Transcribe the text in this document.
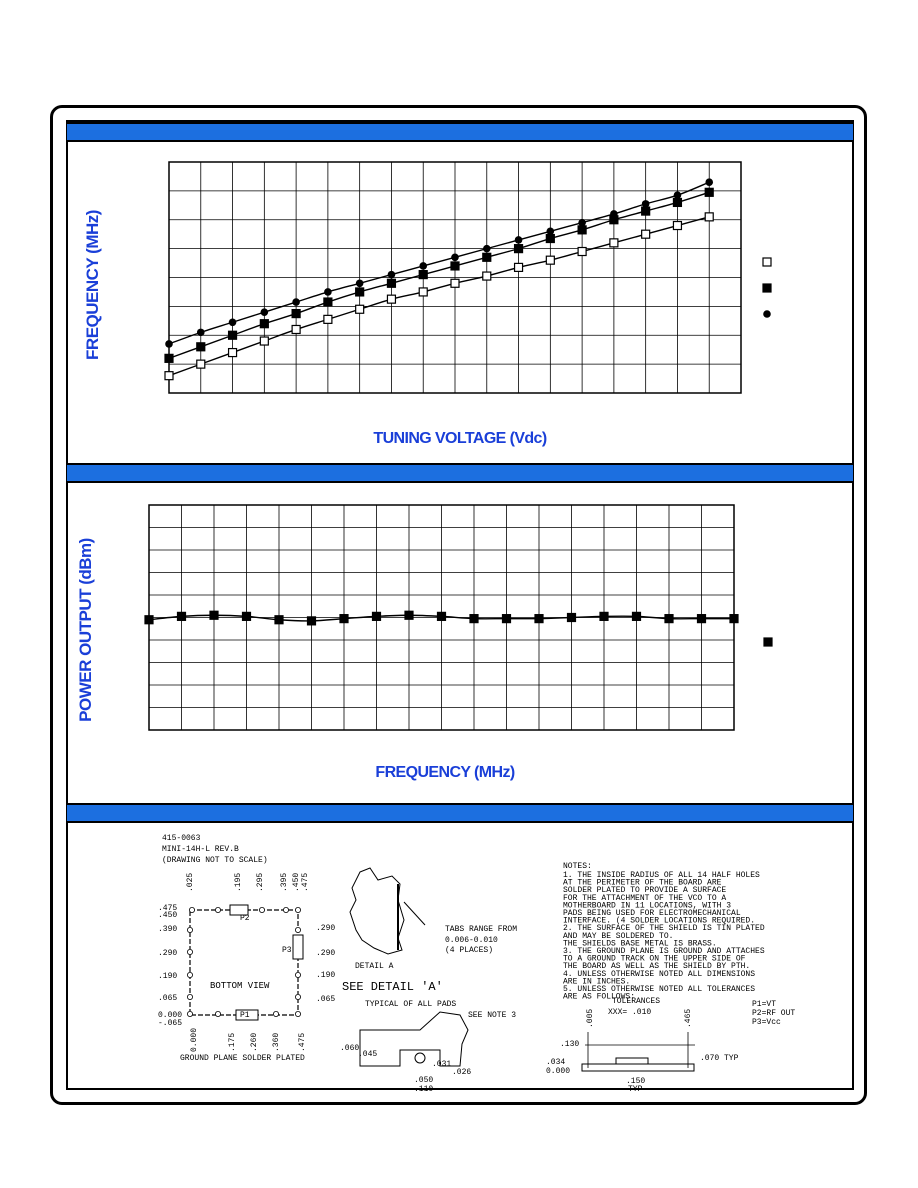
FREQUENCY (MHz)
TUNING VOLTAGE (Vdc)
POWER OUTPUT (dBm)
FREQUENCY (MHz)
415-0063
MINI-14H-L REV.B
(DRAWING NOT TO SCALE)
P2
P3
P1
BOTTOM VIEW
.025	.195 .295 .395 .450 .475
.475
.450
.390
.290
.190
.065
0.000
-.065
.290
.290
.190
.065
0.000	.175 .260 .360 .475
GROUND PLANE SOLDER PLATED
SEE DETAIL 'A'
DETAIL A
TABS RANGE FROM
0.006-0.010
(4 PLACES)
TYPICAL OF ALL PADS
SEE NOTE 3
.060
.045
.031
.026
.050
.110
NOTES:
1. THE INSIDE RADIUS OF ALL 14 HALF HOLES
AT THE PERIMETER OF THE BOARD ARE
SOLDER PLATED TO PROVIDE A SURFACE
FOR THE ATTACHMENT OF THE VCO TO A
MOTHERBOARD IN 11 LOCATIONS, WITH 3
PADS BEING USED FOR ELECTROMECHANICAL
INTERFACE. (4 SOLDER LOCATIONS REQUIRED.
2. THE SURFACE OF THE SHIELD IS TIN PLATED
AND MAY BE SOLDERED TO.
THE SHIELDS BASE METAL IS BRASS.
3. THE GROUND PLANE IS GROUND AND ATTACHES
TO A GROUND TRACK ON THE UPPER SIDE OF
THE BOARD AS WELL AS THE SHIELD BY PTH.
4. UNLESS OTHERWISE NOTED ALL DIMENSIONS
ARE IN INCHES.
5. UNLESS OTHERWISE NOTED ALL TOLERANCES
ARE AS FOLLOWS:
TOLERANCES
XXX= .010
P1=VT
P2=RF OUT
P3=Vcc
.005	.465
.130
.034
0.000
.070 TYP
.150
TYP
